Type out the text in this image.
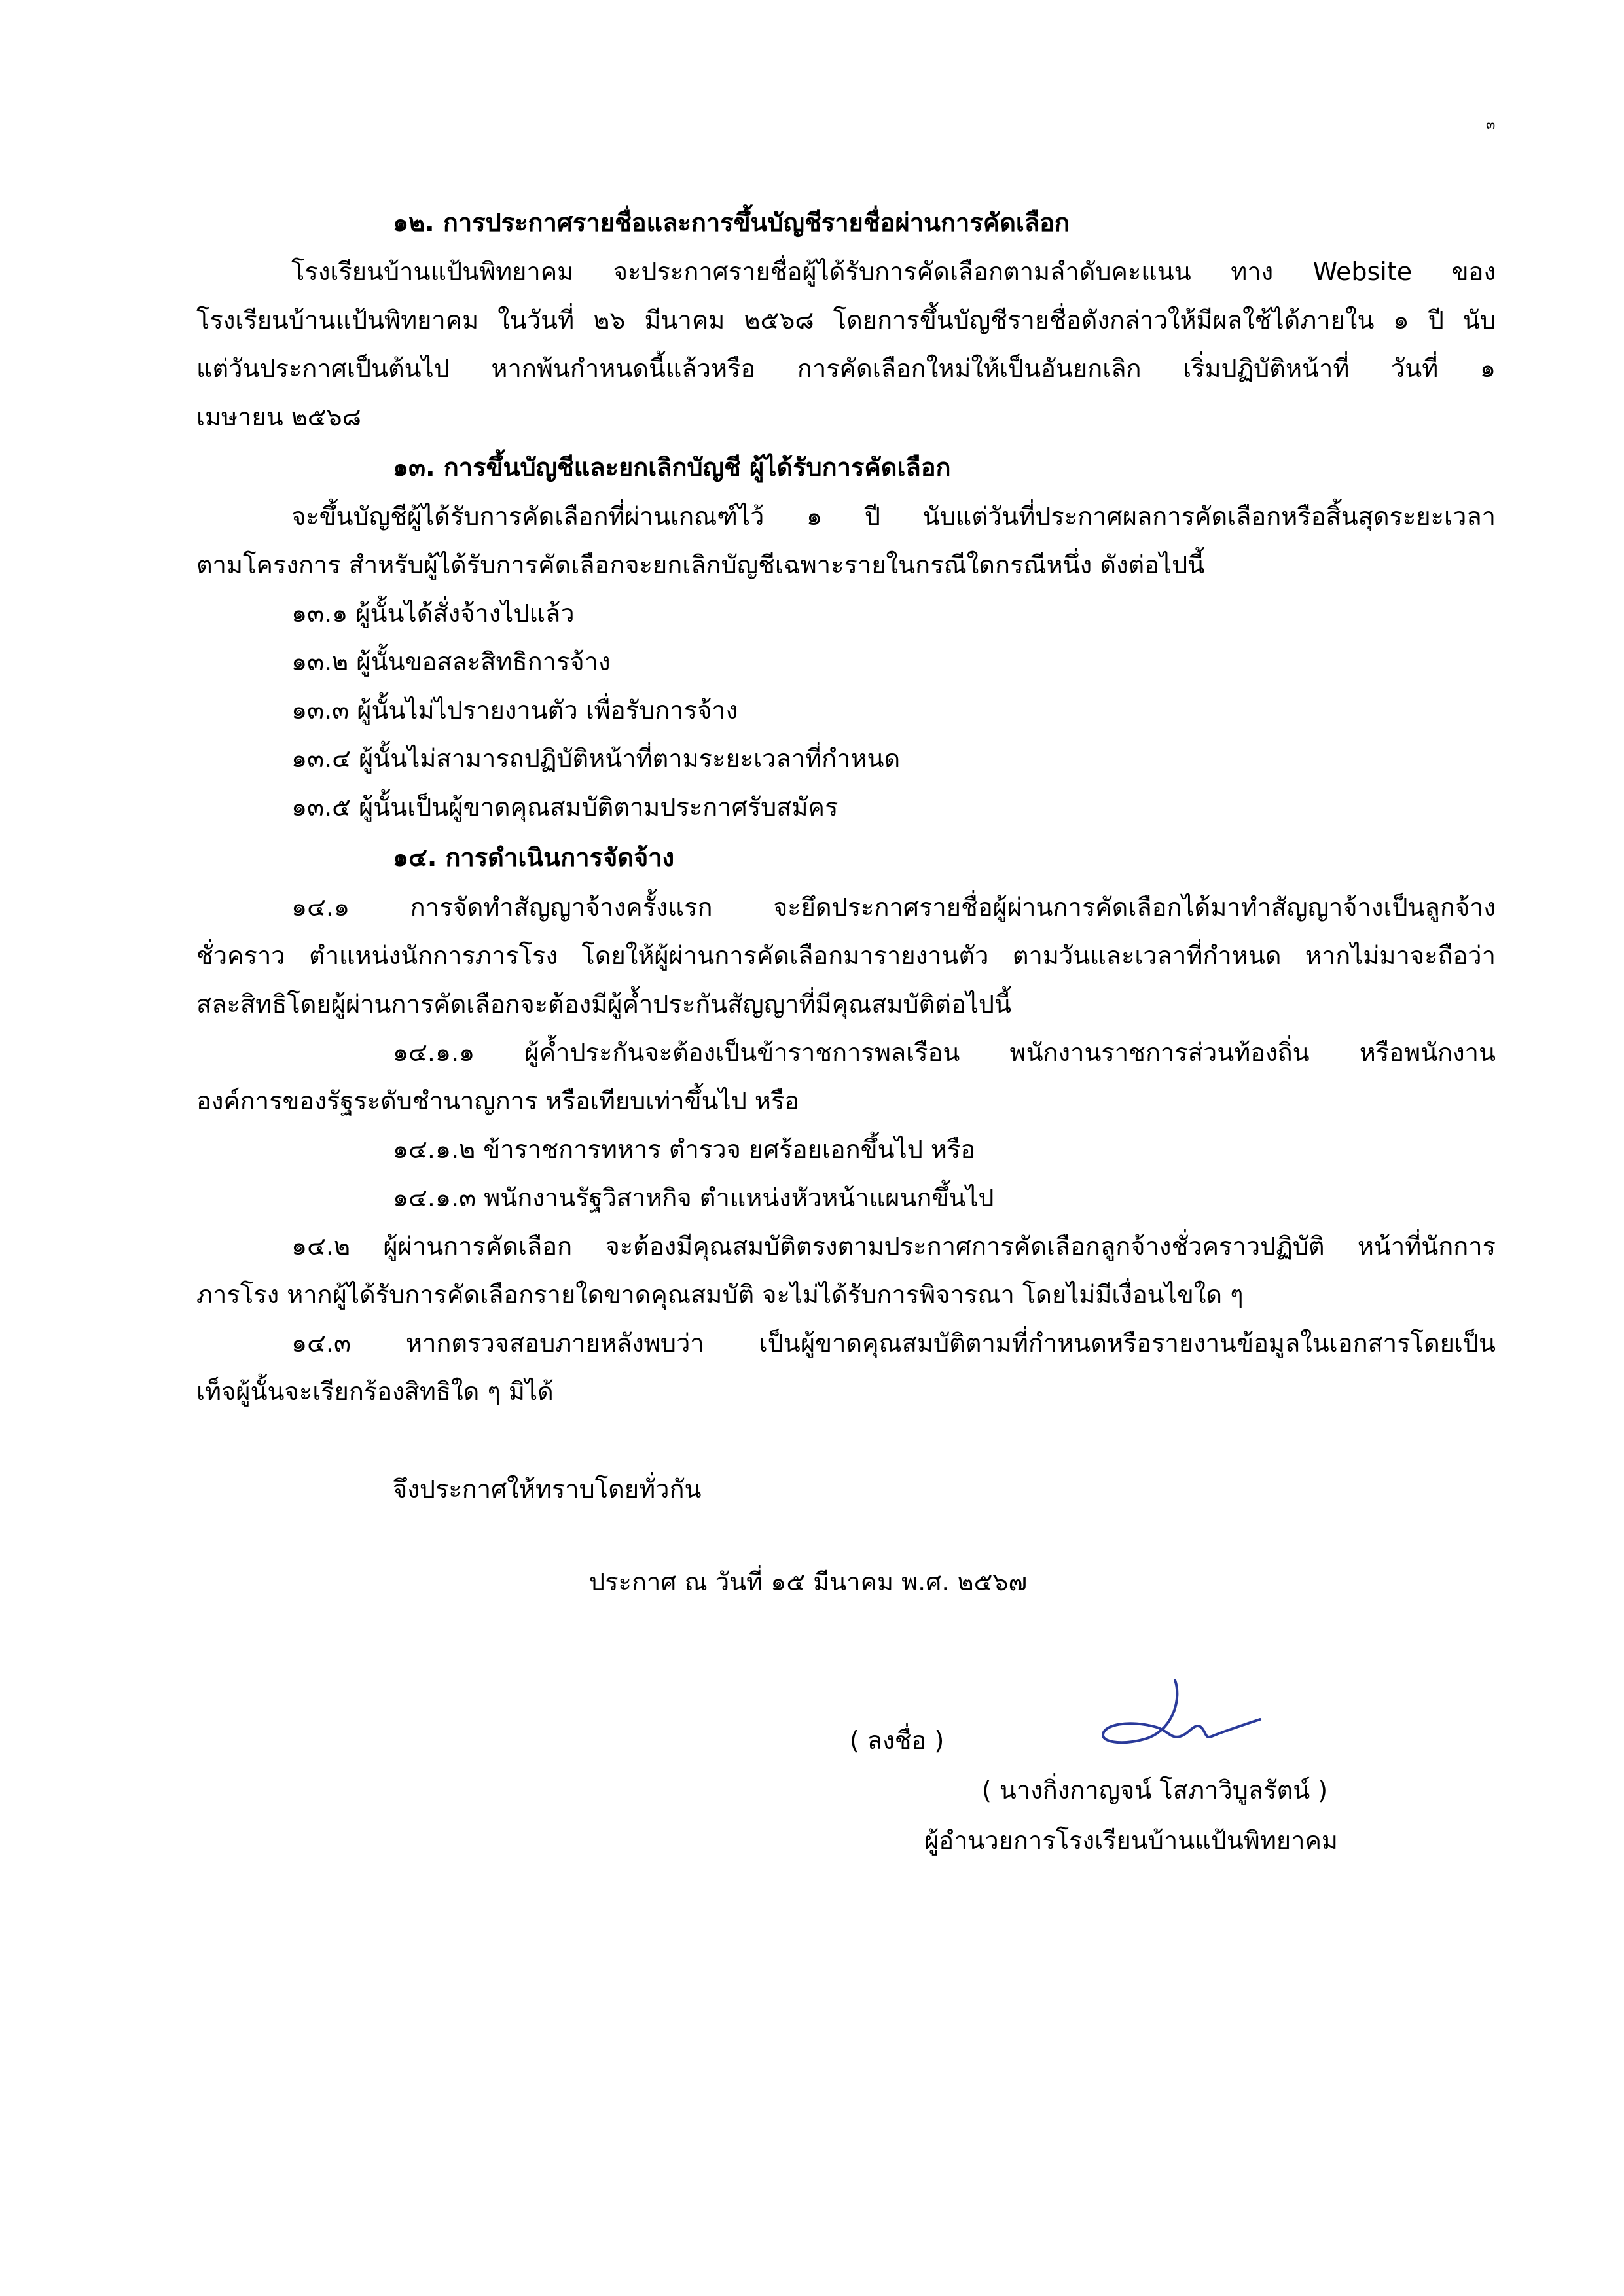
๓
๑๒. การประกาศรายชื่อและการขึ้นบัญชีรายชื่อผ่านการคัดเลือก
โรงเรียนบ้านแป้นพิทยาคม จะประกาศรายชื่อผู้ได้รับการคัดเลือกตามลำดับคะแนน ทาง Website ของ
โรงเรียนบ้านแป้นพิทยาคม ในวันที่ ๒๖ มีนาคม ๒๕๖๘ โดยการขึ้นบัญชีรายชื่อดังกล่าวให้มีผลใช้ได้ภายใน ๑ ปี นับ
แต่วันประกาศเป็นต้นไป หากพ้นกำหนดนี้แล้วหรือ การคัดเลือกใหม่ให้เป็นอันยกเลิก เริ่มปฏิบัติหน้าที่ วันที่ ๑
เมษายน ๒๕๖๘
๑๓. การขึ้นบัญชีและยกเลิกบัญชี ผู้ได้รับการคัดเลือก
จะขึ้นบัญชีผู้ได้รับการคัดเลือกที่ผ่านเกณฑ์ไว้ ๑ ปี นับแต่วันที่ประกาศผลการคัดเลือกหรือสิ้นสุดระยะเวลา
ตามโครงการ สำหรับผู้ได้รับการคัดเลือกจะยกเลิกบัญชีเฉพาะรายในกรณีใดกรณีหนึ่ง ดังต่อไปนี้
๑๓.๑ ผู้นั้นได้สั่งจ้างไปแล้ว
๑๓.๒ ผู้นั้นขอสละสิทธิการจ้าง
๑๓.๓ ผู้นั้นไม่ไปรายงานตัว เพื่อรับการจ้าง
๑๓.๔ ผู้นั้นไม่สามารถปฏิบัติหน้าที่ตามระยะเวลาที่กำหนด
๑๓.๕ ผู้นั้นเป็นผู้ขาดคุณสมบัติตามประกาศรับสมัคร
๑๔. การดำเนินการจัดจ้าง
๑๔.๑ การจัดทำสัญญาจ้างครั้งแรก จะยึดประกาศรายชื่อผู้ผ่านการคัดเลือกได้มาทำสัญญาจ้างเป็นลูกจ้าง
ชั่วคราว ตำแหน่งนักการภารโรง โดยให้ผู้ผ่านการคัดเลือกมารายงานตัว ตามวันและเวลาที่กำหนด หากไม่มาจะถือว่า
สละสิทธิโดยผู้ผ่านการคัดเลือกจะต้องมีผู้ค้ำประกันสัญญาที่มีคุณสมบัติต่อไปนี้
๑๔.๑.๑ ผู้ค้ำประกันจะต้องเป็นข้าราชการพลเรือน พนักงานราชการส่วนท้องถิ่น หรือพนักงาน
องค์การของรัฐระดับชำนาญการ หรือเทียบเท่าขึ้นไป หรือ
๑๔.๑.๒ ข้าราชการทหาร ตำรวจ ยศร้อยเอกขึ้นไป หรือ
๑๔.๑.๓ พนักงานรัฐวิสาหกิจ ตำแหน่งหัวหน้าแผนกขึ้นไป
๑๔.๒ ผู้ผ่านการคัดเลือก จะต้องมีคุณสมบัติตรงตามประกาศการคัดเลือกลูกจ้างชั่วคราวปฏิบัติ หน้าที่นักการ
ภารโรง หากผู้ได้รับการคัดเลือกรายใดขาดคุณสมบัติ จะไม่ได้รับการพิจารณา โดยไม่มีเงื่อนไขใด ๆ
๑๔.๓ หากตรวจสอบภายหลังพบว่า เป็นผู้ขาดคุณสมบัติตามที่กำหนดหรือรายงานข้อมูลในเอกสารโดยเป็น
เท็จผู้นั้นจะเรียกร้องสิทธิใด ๆ มิได้
จึงประกาศให้ทราบโดยทั่วกัน
ประกาศ ณ วันที่ ๑๕ มีนาคม พ.ศ. ๒๕๖๗
( ลงชื่อ )
( นางกิ่งกาญจน์ โสภาวิบูลรัตน์ )
ผู้อำนวยการโรงเรียนบ้านแป้นพิทยาคม
